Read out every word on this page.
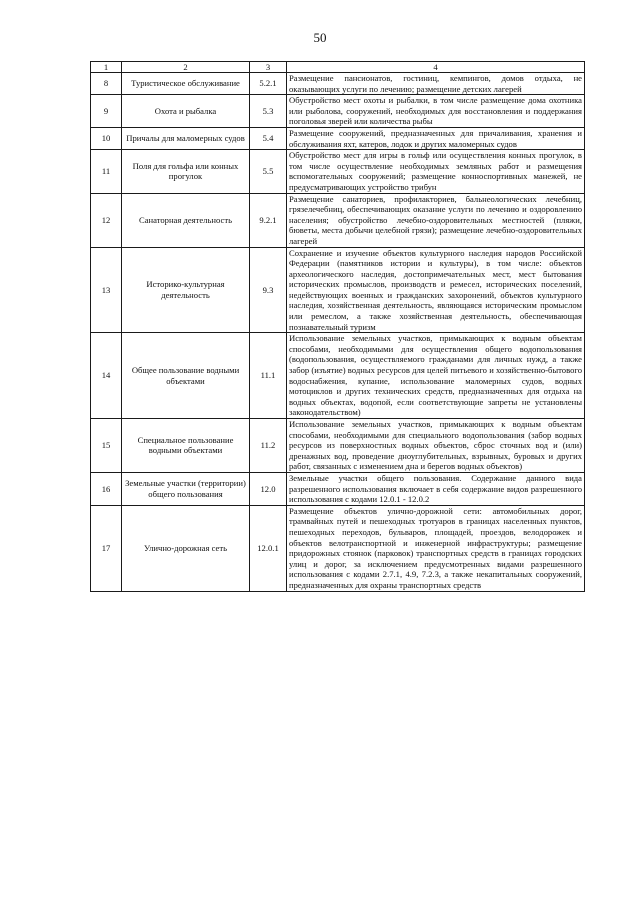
50
1	2	3	4
8	Туристическое обслуживание	5.2.1	Размещение пансионатов, гостиниц, кемпингов, домов отдыха, не оказывающих услуги по лечению; размещение детских лагерей
9	Охота и рыбалка	5.3	Обустройство мест охоты и рыбалки, в том числе размещение дома охотника или рыболова, сооружений, необходимых для восстановления и поддержания поголовья зверей или количества рыбы
10	Причалы для маломерных судов	5.4	Размещение сооружений, предназначенных для причаливания, хранения и обслуживания яхт, катеров, лодок и других маломерных судов
11	Поля для гольфа или конных прогулок	5.5	Обустройство мест для игры в гольф или осуществления конных прогулок, в том числе осуществление необходимых земляных работ и размещения вспомогательных сооружений; размещение конноспортивных манежей, не предусматривающих устройство трибун
12	Санаторная деятельность	9.2.1	Размещение санаториев, профилакториев, бальнеологических лечебниц, грязелечебниц, обеспечивающих оказание услуги по лечению и оздоровлению населения; обустройство лечебно-оздоровительных местностей (пляжи, бюветы, места добычи целебной грязи); размещение лечебно-оздоровительных лагерей
13	Историко-культурная деятельность	9.3	Сохранение и изучение объектов культурного наследия народов Российской Федерации (памятников истории и культуры), в том числе: объектов археологического наследия, достопримечательных мест, мест бытования исторических промыслов, производств и ремесел, исторических поселений, недействующих военных и гражданских захоронений, объектов культурного наследия, хозяйственная деятельность, являющаяся историческим промыслом или ремеслом, а также хозяйственная деятельность, обеспечивающая познавательный туризм
14	Общее пользование водными объектами	11.1	Использование земельных участков, примыкающих к водным объектам способами, необходимыми для осуществления общего водопользования (водопользования, осуществляемого гражданами для личных нужд, а также забор (изъятие) водных ресурсов для целей питьевого и хозяйственно-бытового водоснабжения, купание, использование маломерных судов, водных мотоциклов и других технических средств, предназначенных для отдыха на водных объектах, водопой, если соответствующие запреты не установлены законодательством)
15	Специальное пользование водными объектами	11.2	Использование земельных участков, примыкающих к водным объектам способами, необходимыми для специального водопользования (забор водных ресурсов из поверхностных водных объектов, сброс сточных вод и (или) дренажных вод, проведение дноуглубительных, взрывных, буровых и других работ, связанных с изменением дна и берегов водных объектов)
16	Земельные участки (территории) общего пользования	12.0	Земельные участки общего пользования. Содержание данного вида разрешенного использования включает в себя содержание видов разрешенного использования с кодами 12.0.1 - 12.0.2
17	Улично-дорожная сеть	12.0.1	Размещение объектов улично-дорожной сети: автомобильных дорог, трамвайных путей и пешеходных тротуаров в границах населенных пунктов, пешеходных переходов, бульваров, площадей, проездов, велодорожек и объектов велотранспортной и инженерной инфраструктуры; размещение придорожных стоянок (парковок) транспортных средств в границах городских улиц и дорог, за исключением предусмотренных видами разрешенного использования с кодами 2.7.1, 4.9, 7.2.3, а также некапитальных сооружений, предназначенных для охраны транспортных средств
